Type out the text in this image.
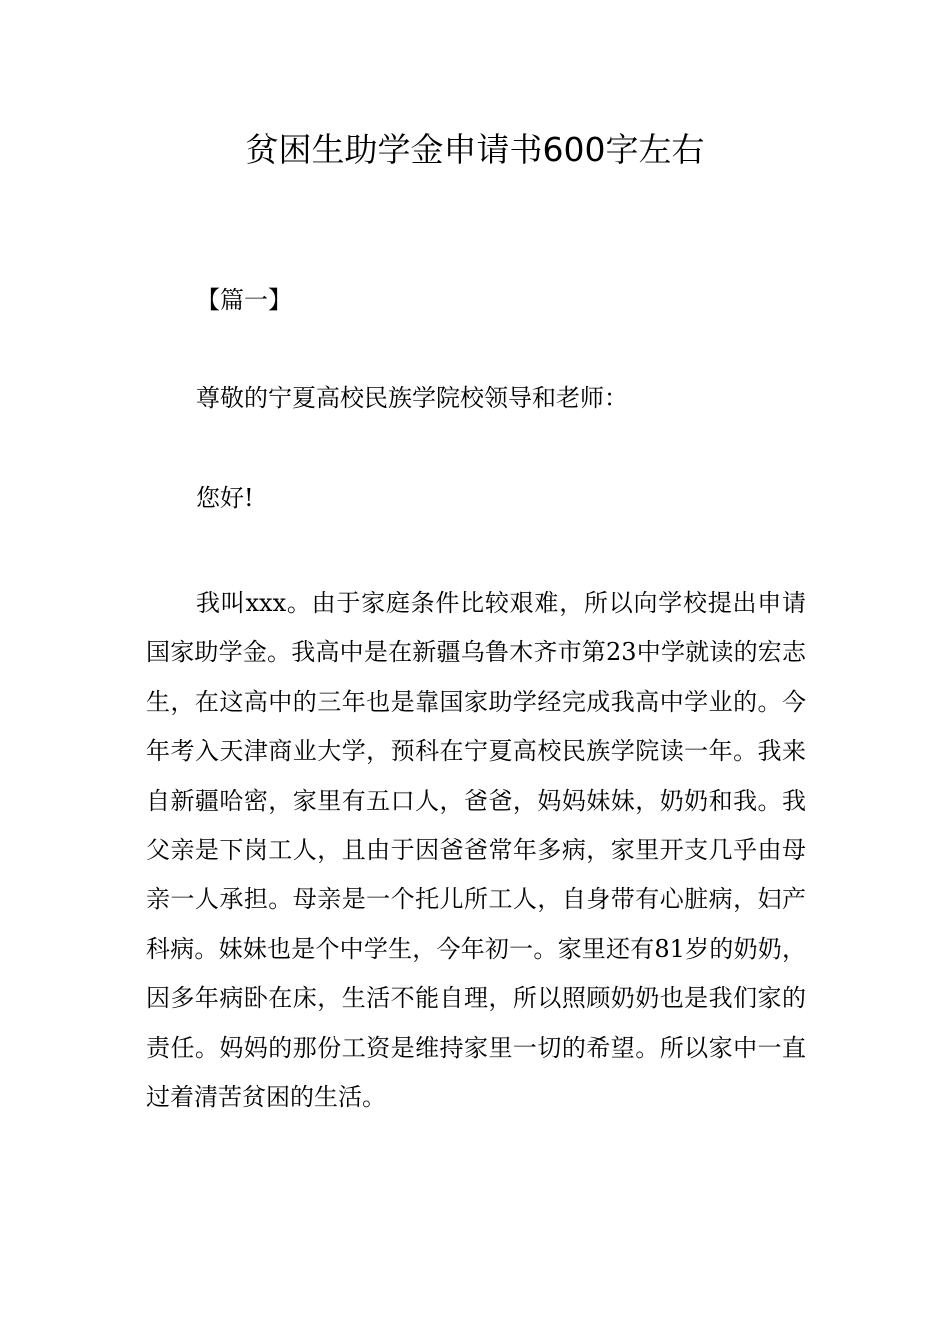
贫困生助学金申请书600字左右

【篇一】

尊敬的宁夏高校民族学院校领导和老师：

您好!

我叫xxx。由于家庭条件比较艰难，所以向学校提出申请国家助学金。我高中是在新疆乌鲁木齐市第23中学就读的宏志生，在这高中的三年也是靠国家助学经完成我高中学业的。今年考入天津商业大学，预科在宁夏高校民族学院读一年。我来自新疆哈密，家里有五口人，爸爸，妈妈妹妹，奶奶和我。我父亲是下岗工人，且由于因爸爸常年多病，家里开支几乎由母亲一人承担。母亲是一个托儿所工人，自身带有心脏病，妇产科病。妹妹也是个中学生，今年初一。家里还有81岁的奶奶，因多年病卧在床，生活不能自理，所以照顾奶奶也是我们家的责任。妈妈的那份工资是维持家里一切的希望。所以家中一直过着清苦贫困的生活。
